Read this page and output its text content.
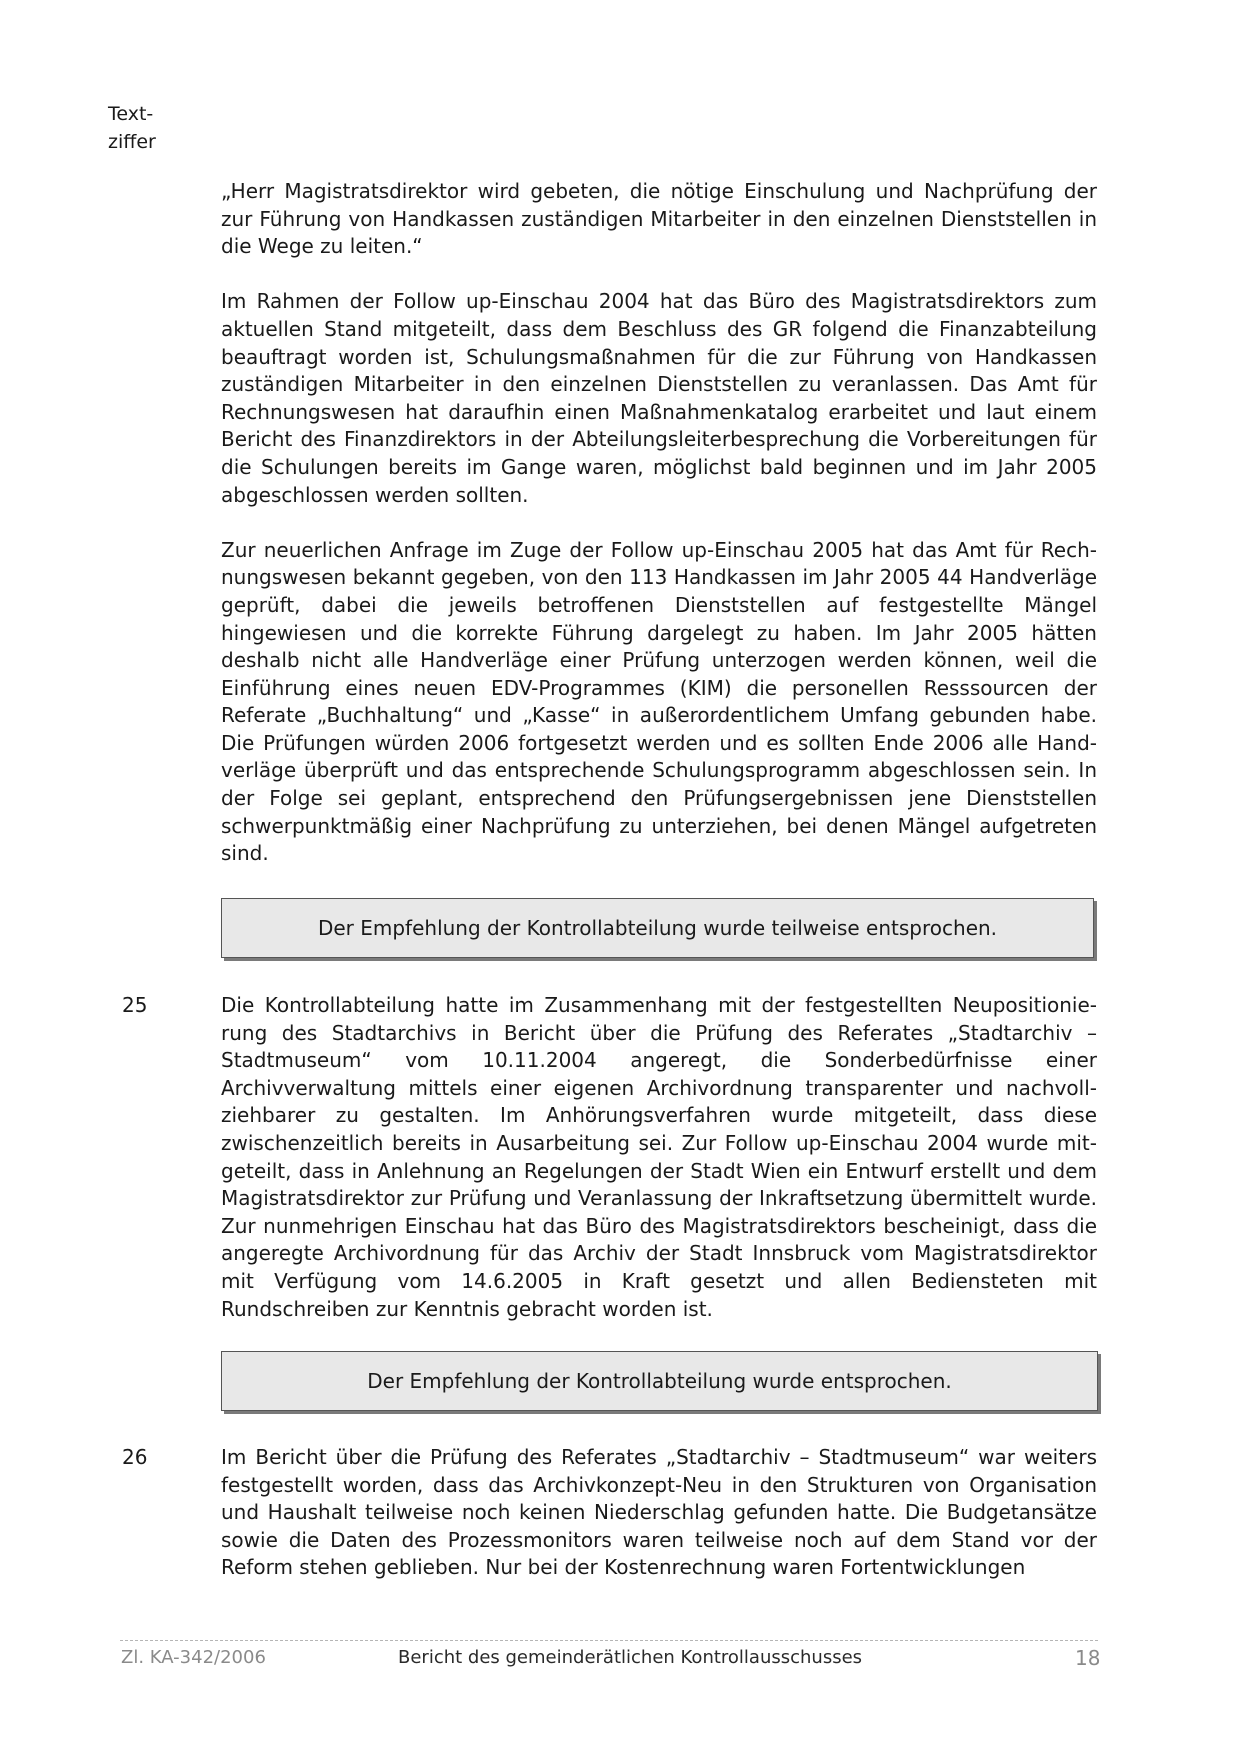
Text-
ziffer

„Herr Magistratsdirektor wird gebeten, die nötige Einschulung und Nachprüfung der zur Führung von Handkassen zuständigen Mitarbeiter in den einzelnen Dienststellen in die Wege zu leiten.“

Im Rahmen der Follow up-Einschau 2004 hat das Büro des Magistratsdirektors zum aktuellen Stand mitgeteilt, dass dem Beschluss des GR folgend die Finanzabteilung beauftragt worden ist, Schulungsmaßnahmen für die zur Führung von Handkassen zuständigen Mitarbeiter in den einzelnen Dienststellen zu veranlassen. Das Amt für Rechnungswesen hat daraufhin einen Maßnahmenkatalog erarbeitet und laut einem Bericht des Finanzdirektors in der Abteilungsleiterbesprechung die Vorbereitungen für die Schulungen bereits im Gange waren, möglichst bald beginnen und im Jahr 2005 abgeschlossen werden sollten.

Zur neuerlichen Anfrage im Zuge der Follow up-Einschau 2005 hat das Amt für Rechnungswesen bekannt gegeben, von den 113 Handkassen im Jahr 2005 44 Handverläge geprüft, dabei die jeweils betroffenen Dienststellen auf festgestellte Mängel hingewiesen und die korrekte Führung dargelegt zu haben. Im Jahr 2005 hätten deshalb nicht alle Handverläge einer Prüfung unterzogen werden können, weil die Einführung eines neuen EDV-Programmes (KIM) die personellen Resssourcen der Referate „Buchhaltung“ und „Kasse“ in außerordentlichem Umfang gebunden habe. Die Prüfungen würden 2006 fortgesetzt werden und es sollten Ende 2006 alle Hand-verläge überprüft und das entsprechende Schulungsprogramm abgeschlossen sein. In der Folge sei geplant, entsprechend den Prüfungsergebnissen jene Dienststellen schwerpunktmäßig einer Nachprüfung zu unterziehen, bei denen Mängel aufgetreten sind.

Der Empfehlung der Kontrollabteilung wurde teilweise entsprochen.
25	Die Kontrollabteilung hatte im Zusammenhang mit der festgestellten Neupositionierung des Stadtarchivs in Bericht über die Prüfung des Referates „Stadtarchiv – Stadtmuseum“ vom 10.11.2004 angeregt, die Sonderbedürfnisse einer Archivverwaltung mittels einer eigenen Archivordnung transparenter und nachvollziehbarer zu gestalten. Im Anhörungsverfahren wurde mitgeteilt, dass diese zwischenzeitlich bereits in Ausarbeitung sei. Zur Follow up-Einschau 2004 wurde mitgeteilt, dass in Anlehnung an Regelungen der Stadt Wien ein Entwurf erstellt und dem Magistratsdirektor zur Prüfung und Veranlassung der Inkraftsetzung übermittelt wurde. Zur nunmehrigen Einschau hat das Büro des Magistratsdirektors bescheinigt, dass die angeregte Archivordnung für das Archiv der Stadt Innsbruck vom Magistratsdirektor mit Verfügung vom 14.6.2005 in Kraft gesetzt und allen Bediensteten mit Rundschreiben zur Kenntnis gebracht worden ist.

Der Empfehlung der Kontrollabteilung wurde entsprochen.
26	Im Bericht über die Prüfung des Referates „Stadtarchiv – Stadtmuseum“ war weiters festgestellt worden, dass das Archivkonzept-Neu in den Strukturen von Organisation und Haushalt teilweise noch keinen Niederschlag gefunden hatte. Die Budgetansätze sowie die Daten des Prozessmonitors waren teilweise noch auf dem Stand vor der Reform stehen geblieben. Nur bei der Kostenrechnung waren Fortentwicklungen

Zl. KA-342/2006	Bericht des gemeinderätlichen Kontrollausschusses	18
